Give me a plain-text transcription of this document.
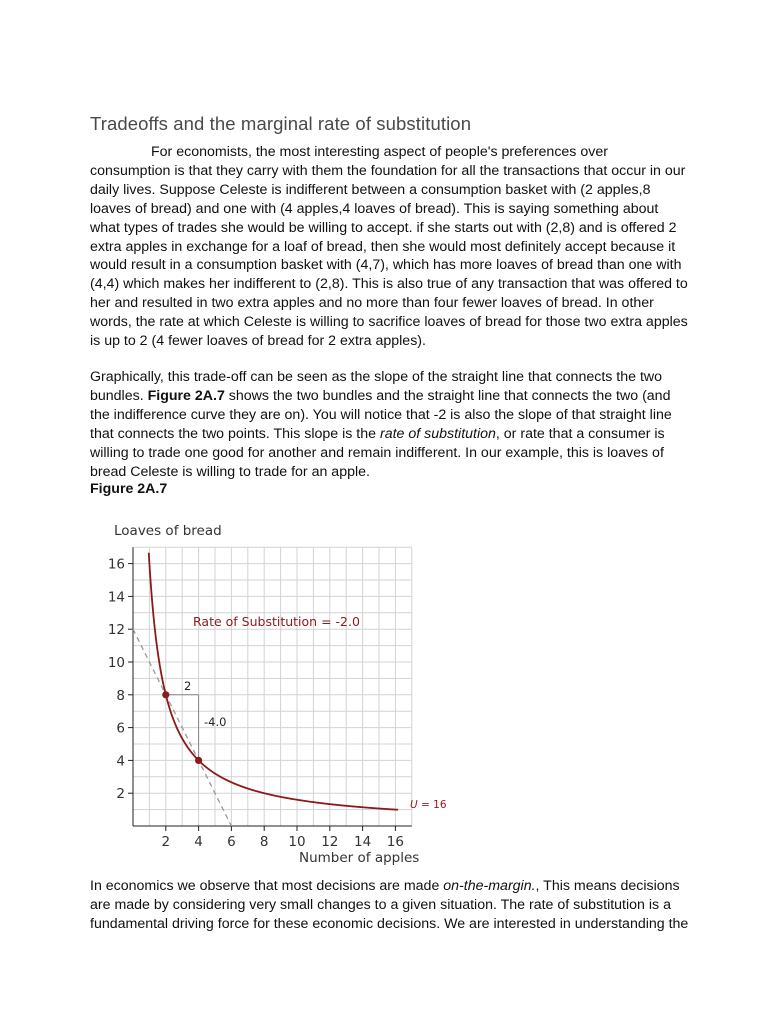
Tradeoffs and the marginal rate of substitution

For economists, the most interesting aspect of people's preferences over consumption is that they carry with them the foundation for all the transactions that occur in our daily lives. Suppose Celeste is indifferent between a consumption basket with (2 apples,8 loaves of bread) and one with (4 apples,4 loaves of bread). This is saying something about what types of trades she would be willing to accept. if she starts out with (2,8) and is offered 2 extra apples in exchange for a loaf of bread, then she would most definitely accept because it would result in a consumption basket with (4,7), which has more loaves of bread than one with (4,4) which makes her indifferent to (2,8). This is also true of any transaction that was offered to her and resulted in two extra apples and no more than four fewer loaves of bread. In other words, the rate at which Celeste is willing to sacrifice loaves of bread for those two extra apples is up to 2 (4 fewer loaves of bread for 2 extra apples).

Graphically, this trade-off can be seen as the slope of the straight line that connects the two bundles. Figure 2A.7 shows the two bundles and the straight line that connects the two (and the indifference curve they are on). You will notice that -2 is also the slope of that straight line that connects the two points. This slope is the rate of substitution, or rate that a consumer is willing to trade one good for another and remain indifferent. In our example, this is loaves of bread Celeste is willing to trade for an apple.

Figure 2A.7

2 4 6 8 10 12 14 16
2
4
6
8
10
12
14
16
Loaves of bread
Number of apples
Rate of Substitution = -2.0
2
-4.0
U = 16

In economics we observe that most decisions are made on-the-margin., This means decisions are made by considering very small changes to a given situation. The rate of substitution is a fundamental driving force for these economic decisions. We are interested in understanding the
